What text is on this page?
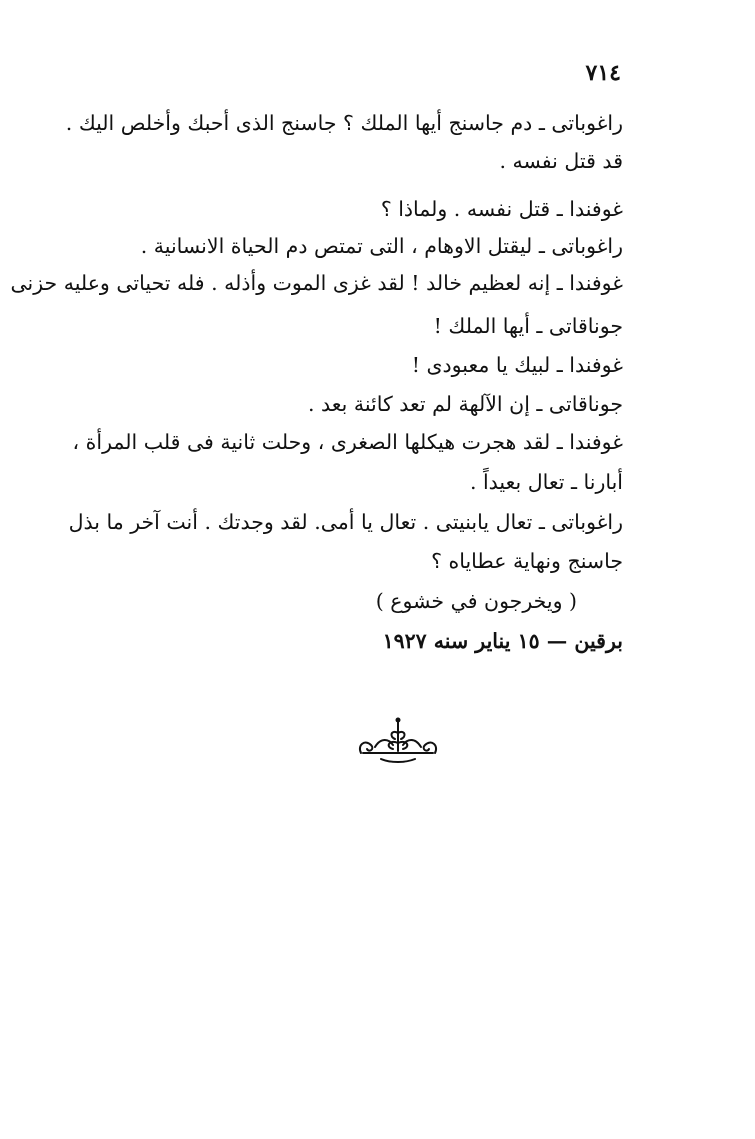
٧١٤
راغوباتی ـ دم جاسنج أيها الملك ؟ جاسنج الذى أحبك وأخلص اليك .
قد قتل نفسه .
غوفندا ـ قتل نفسه . ولماذا ؟
راغوباتی ـ ليقتل الاوهام ، التى تمتص دم الحياة الانسانية .
غوفندا ـ إنه لعظيم خالد ! لقد غزى الموت وأذله . فله تحياتى وعليه حزنى
جوناقاتى ـ أيها الملك !
غوفندا ـ لبيك يا معبودى !
جوناقاتى ـ إن الآلهة لم تعد كائنة بعد .
غوفندا ـ لقد هجرت هيكلها الصغرى ، وحلت ثانية فى قلب المرأة ،
أبارنا ـ تعال بعيداً .
راغوباتی ـ تعال يابنيتى . تعال يا أمى. لقد وجدتك . أنت آخر ما بذل
جاسنج ونهاية عطاياه ؟
( ويخرجون في خشوع )
برقين — ١٥ يناير سنه ١٩٢٧
